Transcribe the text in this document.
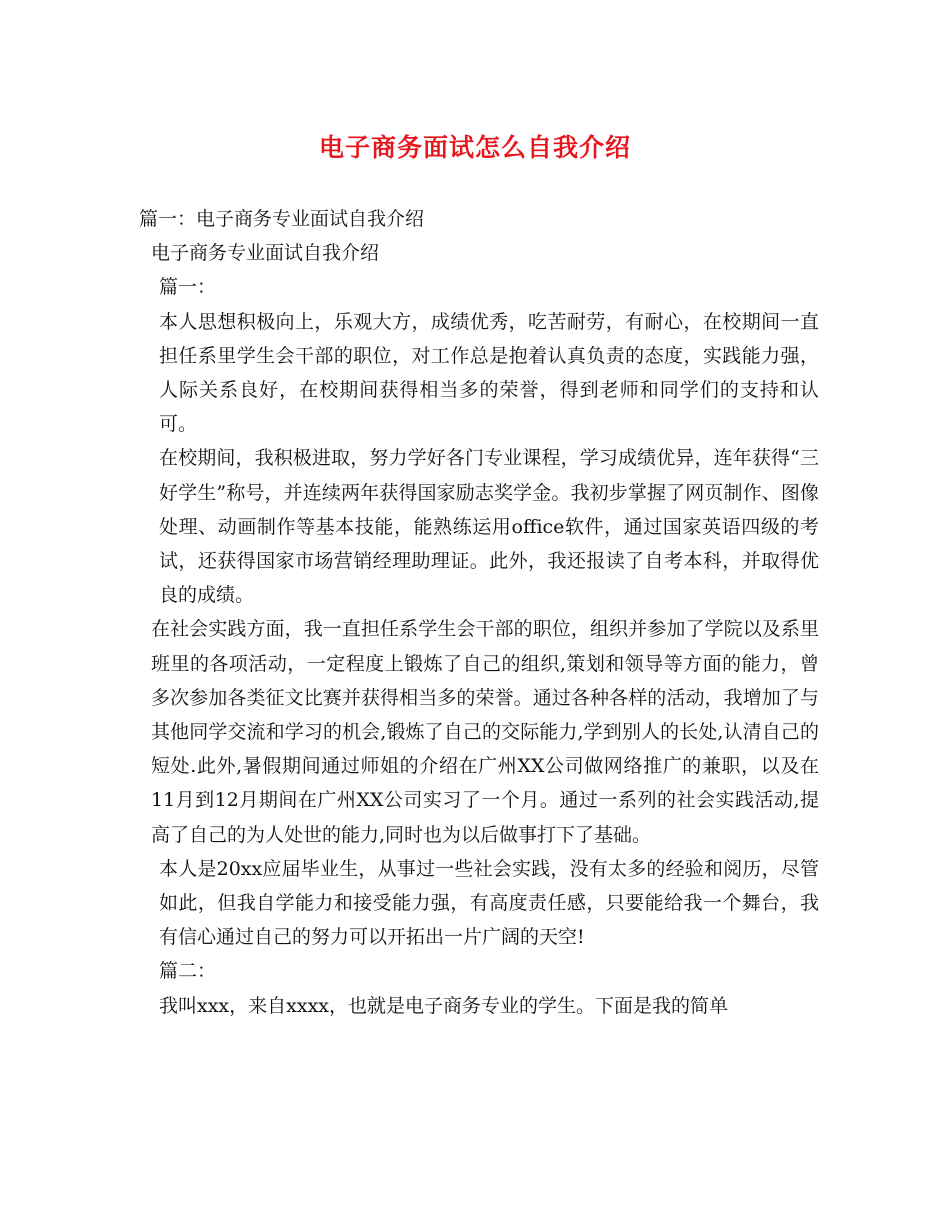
电子商务面试怎么自我介绍
篇一：电子商务专业面试自我介绍
电子商务专业面试自我介绍
篇一：
本人思想积极向上，乐观大方，成绩优秀，吃苦耐劳，有耐心，在校期间一直担任系里学生会干部的职位，对工作总是抱着认真负责的态度，实践能力强，人际关系良好，在校期间获得相当多的荣誉，得到老师和同学们的支持和认可。
在校期间，我积极进取，努力学好各门专业课程，学习成绩优异，连年获得“三好学生”称号，并连续两年获得国家励志奖学金。我初步掌握了网页制作、图像处理、动画制作等基本技能，能熟练运用office软件，通过国家英语四级的考试，还获得国家市场营销经理助理证。此外，我还报读了自考本科，并取得优良的成绩。
在社会实践方面，我一直担任系学生会干部的职位，组织并参加了学院以及系里班里的各项活动，一定程度上锻炼了自己的组织,策划和领导等方面的能力，曾多次参加各类征文比赛并获得相当多的荣誉。通过各种各样的活动，我增加了与其他同学交流和学习的机会,锻炼了自己的交际能力,学到别人的长处,认清自己的短处.此外,暑假期间通过师姐的介绍在广州XX公司做网络推广的兼职，以及在11月到12月期间在广州XX公司实习了一个月。通过一系列的社会实践活动,提高了自己的为人处世的能力,同时也为以后做事打下了基础。
本人是20xx应届毕业生，从事过一些社会实践，没有太多的经验和阅历，尽管如此，但我自学能力和接受能力强，有高度责任感，只要能给我一个舞台，我有信心通过自己的努力可以开拓出一片广阔的天空!
篇二：
我叫xxx，来自xxxx，也就是电子商务专业的学生。下面是我的简单
